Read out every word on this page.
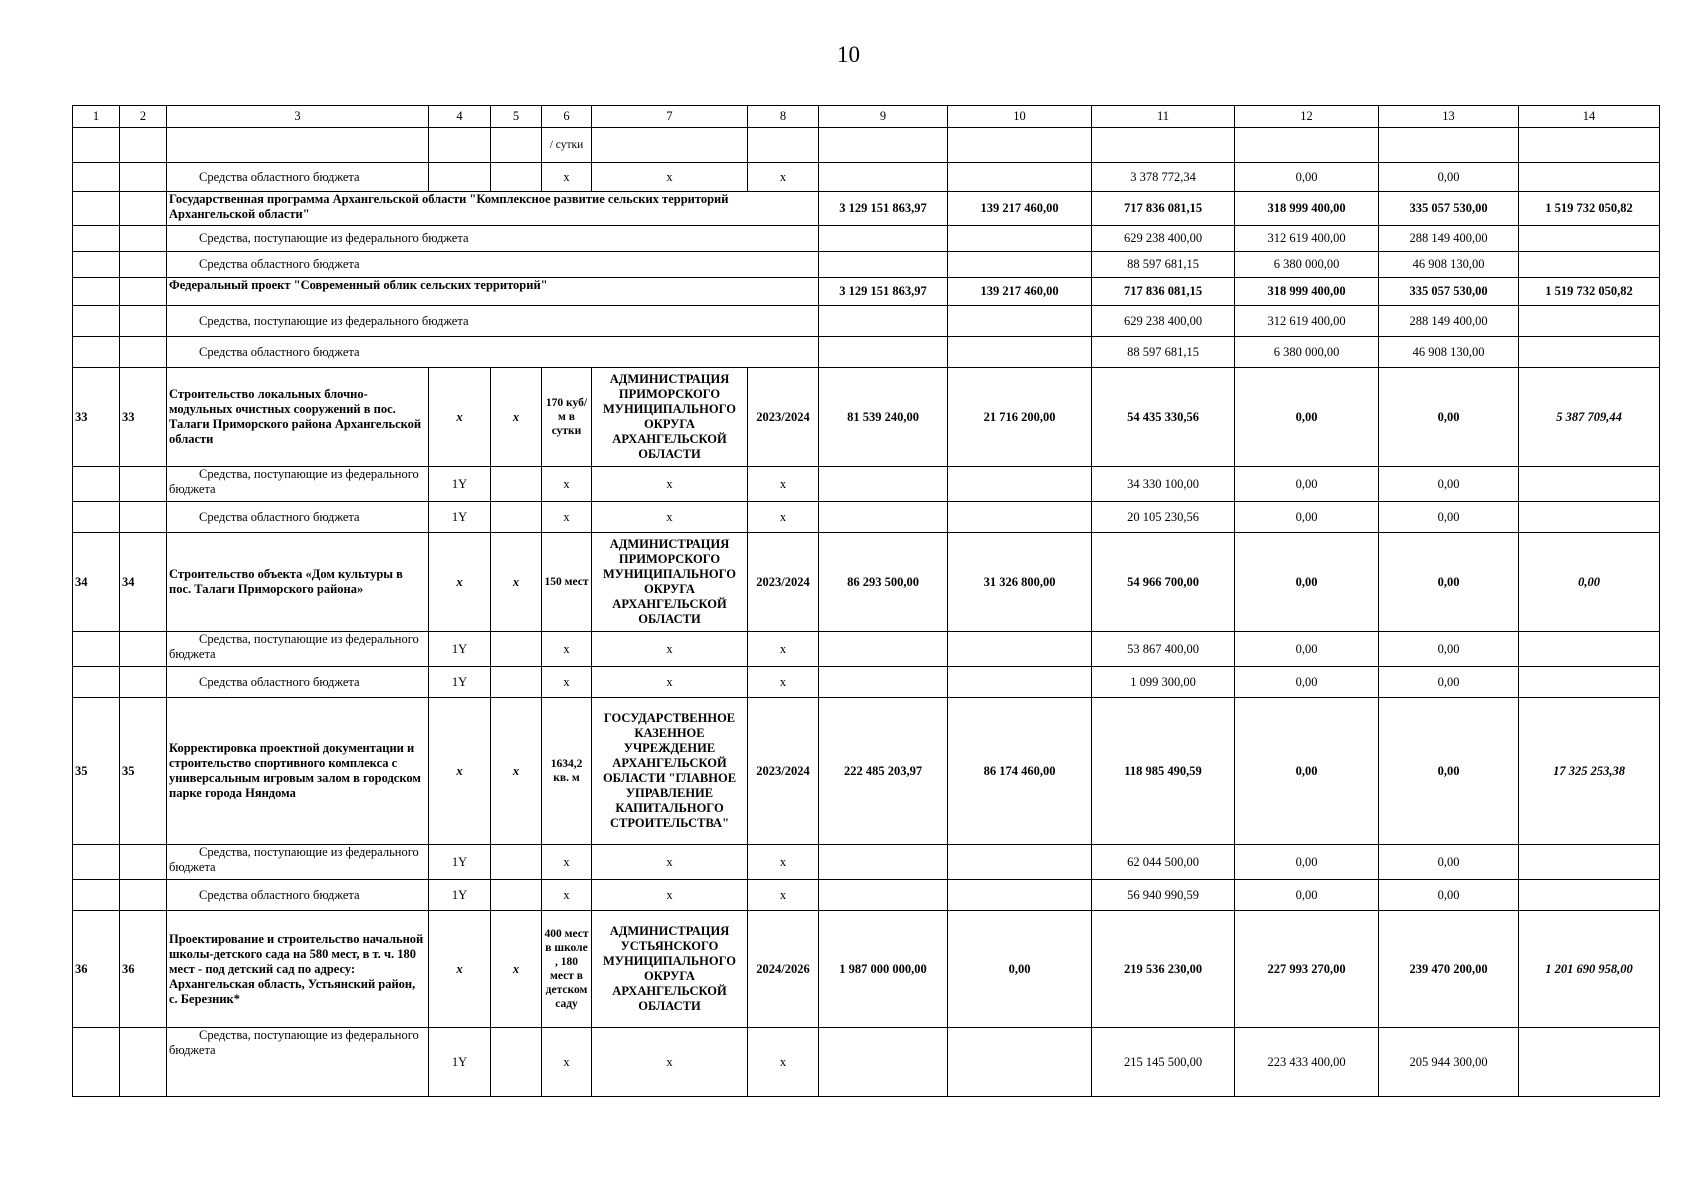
10
1	2	3	4	5	6	7	8	9	10	11	12	13	14
					/ сутки								
		Средства областного бюджета			x	x	x			3 378 772,34	0,00	0,00	
		Государственная программа Архангельской области "Комплексное развитие сельских территорий Архангельской области"						3 129 151 863,97	139 217 460,00	717 836 081,15	318 999 400,00	335 057 530,00	1 519 732 050,82
		Средства, поступающие из федерального бюджета								629 238 400,00	312 619 400,00	288 149 400,00	
		Средства областного бюджета								88 597 681,15	6 380 000,00	46 908 130,00	
		Федеральный проект "Современный облик сельских территорий"						3 129 151 863,97	139 217 460,00	717 836 081,15	318 999 400,00	335 057 530,00	1 519 732 050,82
		Средства, поступающие из федерального бюджета								629 238 400,00	312 619 400,00	288 149 400,00	
		Средства областного бюджета								88 597 681,15	6 380 000,00	46 908 130,00	
33	33	Строительство локальных блочно-модульных очистных сооружений в пос. Талаги Приморского района Архангельской области	x	x	170 куб/м в сутки	АДМИНИСТРАЦИЯ ПРИМОРСКОГО МУНИЦИПАЛЬНОГО ОКРУГА АРХАНГЕЛЬСКОЙ ОБЛАСТИ	2023/2024	81 539 240,00	21 716 200,00	54 435 330,56	0,00	0,00	5 387 709,44
		Средства, поступающие из федерального бюджета	1Y		x	x	x			34 330 100,00	0,00	0,00	
		Средства областного бюджета	1Y		x	x	x			20 105 230,56	0,00	0,00	
34	34	Строительство объекта «Дом культуры в пос. Талаги Приморского района»	x	x	150 мест	АДМИНИСТРАЦИЯ ПРИМОРСКОГО МУНИЦИПАЛЬНОГО ОКРУГА АРХАНГЕЛЬСКОЙ ОБЛАСТИ	2023/2024	86 293 500,00	31 326 800,00	54 966 700,00	0,00	0,00	0,00
		Средства, поступающие из федерального бюджета	1Y		x	x	x			53 867 400,00	0,00	0,00	
		Средства областного бюджета	1Y		x	x	x			1 099 300,00	0,00	0,00	
35	35	Корректировка проектной документации и строительство спортивного комплекса с универсальным игровым залом в городском парке города Няндома	x	x	1634,2 кв. м	ГОСУДАРСТВЕННОЕ КАЗЕННОЕ УЧРЕЖДЕНИЕ АРХАНГЕЛЬСКОЙ ОБЛАСТИ "ГЛАВНОЕ УПРАВЛЕНИЕ КАПИТАЛЬНОГО СТРОИТЕЛЬСТВА"	2023/2024	222 485 203,97	86 174 460,00	118 985 490,59	0,00	0,00	17 325 253,38
		Средства, поступающие из федерального бюджета	1Y		x	x	x			62 044 500,00	0,00	0,00	
		Средства областного бюджета	1Y		x	x	x			56 940 990,59	0,00	0,00	
36	36	Проектирование и строительство начальной школы-детского сада на 580 мест, в т. ч. 180 мест - под детский сад по адресу: Архангельская область, Устьянский район, с. Березник*	x	x	400 мест в школе , 180 мест в детском саду	АДМИНИСТРАЦИЯ УСТЬЯНСКОГО МУНИЦИПАЛЬНОГО ОКРУГА АРХАНГЕЛЬСКОЙ ОБЛАСТИ	2024/2026	1 987 000 000,00	0,00	219 536 230,00	227 993 270,00	239 470 200,00	1 201 690 958,00
		Средства, поступающие из федерального бюджета	1Y		x	x	x			215 145 500,00	223 433 400,00	205 944 300,00	
